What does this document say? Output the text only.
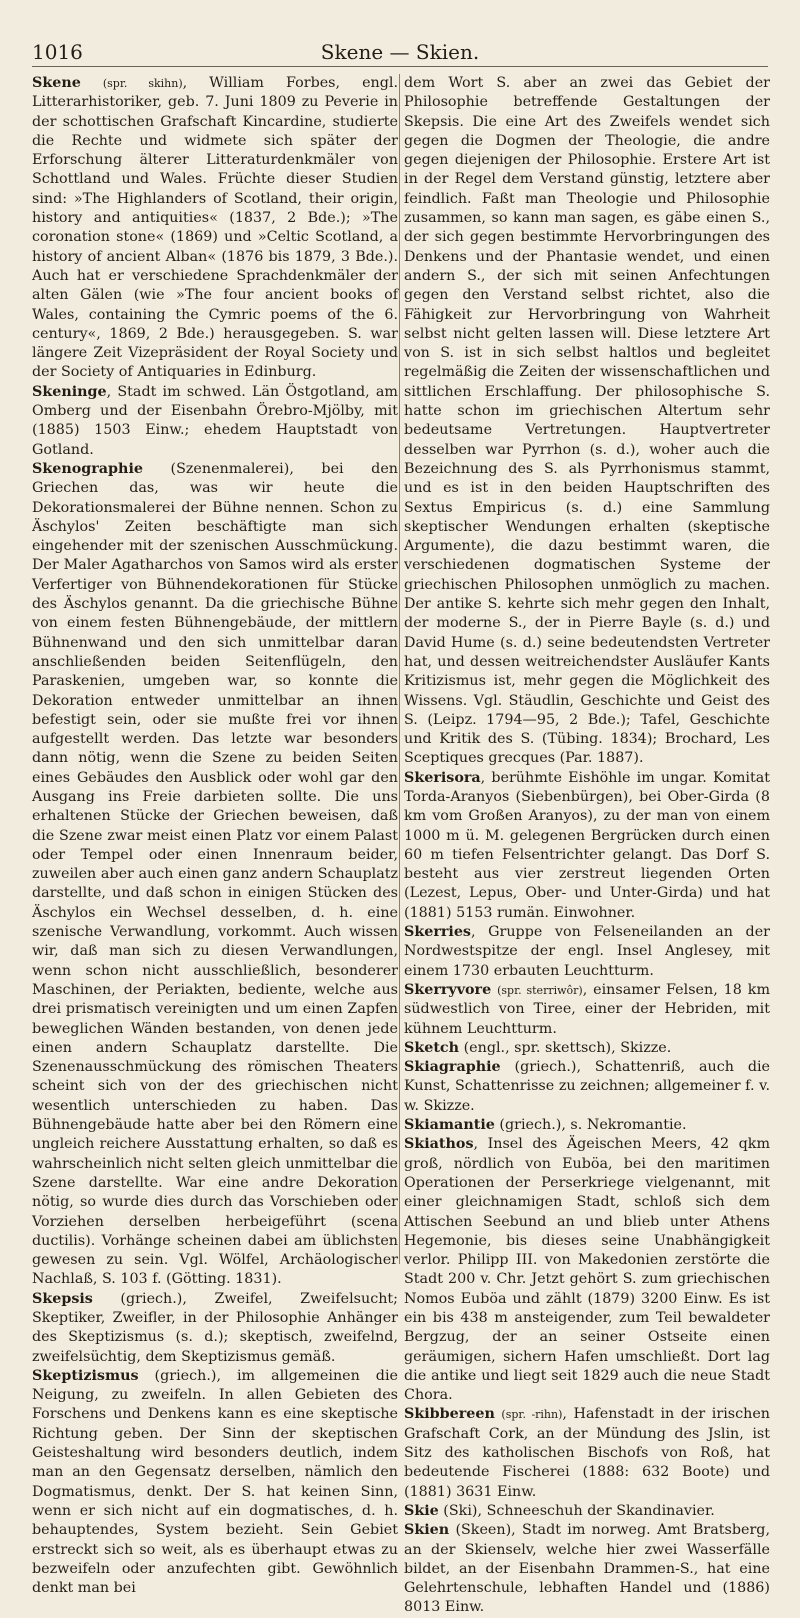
1016	Skene — Skien.

Skene (spr. skihn), William Forbes, engl. Litterarhistoriker, geb. 7. Juni 1809 zu Peverie in der schottischen Grafschaft Kincardine, studierte die Rechte und widmete sich später der Erforschung älterer Litteraturdenkmäler von Schottland und Wales. Früchte dieser Studien sind: »The Highlanders of Scotland, their origin, history and antiquities« (1837, 2 Bde.); »The coronation stone« (1869) und »Celtic Scotland, a history of ancient Alban« (1876 bis 1879, 3 Bde.). Auch hat er verschiedene Sprachdenkmäler der alten Gälen (wie »The four ancient books of Wales, containing the Cymric poems of the 6. century«, 1869, 2 Bde.) herausgegeben. S. war längere Zeit Vizepräsident der Royal Society und der Society of Antiquaries in Edinburg.

Skeninge, Stadt im schwed. Län Östgotland, am Omberg und der Eisenbahn Örebro-Mjölby, mit (1885) 1503 Einw.; ehedem Hauptstadt von Gotland.

Skenographie (Szenenmalerei), bei den Griechen das, was wir heute die Dekorationsmalerei der Bühne nennen. Schon zu Äschylos' Zeiten beschäftigte man sich eingehender mit der szenischen Ausschmückung. Der Maler Agatharchos von Samos wird als erster Verfertiger von Bühnendekorationen für Stücke des Äschylos genannt. Da die griechische Bühne von einem festen Bühnengebäude, der mittlern Bühnenwand und den sich unmittelbar daran anschließenden beiden Seitenflügeln, den Paraskenien, umgeben war, so konnte die Dekoration entweder unmittelbar an ihnen befestigt sein, oder sie mußte frei vor ihnen aufgestellt werden. Das letzte war besonders dann nötig, wenn die Szene zu beiden Seiten eines Gebäudes den Ausblick oder wohl gar den Ausgang ins Freie darbieten sollte. Die uns erhaltenen Stücke der Griechen beweisen, daß die Szene zwar meist einen Platz vor einem Palast oder Tempel oder einen Innenraum beider, zuweilen aber auch einen ganz andern Schauplatz darstellte, und daß schon in einigen Stücken des Äschylos ein Wechsel desselben, d. h. eine szenische Verwandlung, vorkommt. Auch wissen wir, daß man sich zu diesen Verwandlungen, wenn schon nicht ausschließlich, besonderer Maschinen, der Periakten, bediente, welche aus drei prismatisch vereinigten und um einen Zapfen beweglichen Wänden bestanden, von denen jede einen andern Schauplatz darstellte. Die Szenenausschmückung des römischen Theaters scheint sich von der des griechischen nicht wesentlich unterschieden zu haben. Das Bühnengebäude hatte aber bei den Römern eine ungleich reichere Ausstattung erhalten, so daß es wahrscheinlich nicht selten gleich unmittelbar die Szene darstellte. War eine andre Dekoration nötig, so wurde dies durch das Vorschieben oder Vorziehen derselben herbeigeführt (scena ductilis). Vorhänge scheinen dabei am üblichsten gewesen zu sein. Vgl. Wölfel, Archäologischer Nachlaß, S. 103 f. (Götting. 1831).

Skepsis (griech.), Zweifel, Zweifelsucht; Skeptiker, Zweifler, in der Philosophie Anhänger des Skeptizismus (s. d.); skeptisch, zweifelnd, zweifelsüchtig, dem Skeptizismus gemäß.

Skeptizismus (griech.), im allgemeinen die Neigung, zu zweifeln. In allen Gebieten des Forschens und Denkens kann es eine skeptische Richtung geben. Der Sinn der skeptischen Geisteshaltung wird besonders deutlich, indem man an den Gegensatz derselben, nämlich den Dogmatismus, denkt. Der S. hat keinen Sinn, wenn er sich nicht auf ein dogmatisches, d. h. behauptendes, System bezieht. Sein Gebiet erstreckt sich so weit, als es überhaupt etwas zu bezweifeln oder anzufechten gibt. Gewöhnlich denkt man bei

dem Wort S. aber an zwei das Gebiet der Philosophie betreffende Gestaltungen der Skepsis. Die eine Art des Zweifels wendet sich gegen die Dogmen der Theologie, die andre gegen diejenigen der Philosophie. Erstere Art ist in der Regel dem Verstand günstig, letztere aber feindlich. Faßt man Theologie und Philosophie zusammen, so kann man sagen, es gäbe einen S., der sich gegen bestimmte Hervorbringungen des Denkens und der Phantasie wendet, und einen andern S., der sich mit seinen Anfechtungen gegen den Verstand selbst richtet, also die Fähigkeit zur Hervorbringung von Wahrheit selbst nicht gelten lassen will. Diese letztere Art von S. ist in sich selbst haltlos und begleitet regelmäßig die Zeiten der wissenschaftlichen und sittlichen Erschlaffung. Der philosophische S. hatte schon im griechischen Altertum sehr bedeutsame Vertretungen. Hauptvertreter desselben war Pyrrhon (s. d.), woher auch die Bezeichnung des S. als Pyrrhonismus stammt, und es ist in den beiden Hauptschriften des Sextus Empiricus (s. d.) eine Sammlung skeptischer Wendungen erhalten (skeptische Argumente), die dazu bestimmt waren, die verschiedenen dogmatischen Systeme der griechischen Philosophen unmöglich zu machen. Der antike S. kehrte sich mehr gegen den Inhalt, der moderne S., der in Pierre Bayle (s. d.) und David Hume (s. d.) seine bedeutendsten Vertreter hat, und dessen weitreichendster Ausläufer Kants Kritizismus ist, mehr gegen die Möglichkeit des Wissens. Vgl. Stäudlin, Geschichte und Geist des S. (Leipz. 1794—95, 2 Bde.); Tafel, Geschichte und Kritik des S. (Tübing. 1834); Brochard, Les Sceptiques grecques (Par. 1887).

Skerisora, berühmte Eishöhle im ungar. Komitat Torda-Aranyos (Siebenbürgen), bei Ober-Girda (8 km vom Großen Aranyos), zu der man von einem 1000 m ü. M. gelegenen Bergrücken durch einen 60 m tiefen Felsentrichter gelangt. Das Dorf S. besteht aus vier zerstreut liegenden Orten (Lezest, Lepus, Ober- und Unter-Girda) und hat (1881) 5153 rumän. Einwohner.

Skerries, Gruppe von Felseneilanden an der Nordwestspitze der engl. Insel Anglesey, mit einem 1730 erbauten Leuchtturm.

Skerryvore (spr. sterriwôr), einsamer Felsen, 18 km südwestlich von Tiree, einer der Hebriden, mit kühnem Leuchtturm.

Sketch (engl., spr. skettsch), Skizze.

Skiagraphie (griech.), Schattenriß, auch die Kunst, Schattenrisse zu zeichnen; allgemeiner f. v. w. Skizze.

Skiamantie (griech.), s. Nekromantie.

Skiathos, Insel des Ägeischen Meers, 42 qkm groß, nördlich von Euböa, bei den maritimen Operationen der Perserkriege vielgenannt, mit einer gleichnamigen Stadt, schloß sich dem Attischen Seebund an und blieb unter Athens Hegemonie, bis dieses seine Unabhängigkeit verlor. Philipp III. von Makedonien zerstörte die Stadt 200 v. Chr. Jetzt gehört S. zum griechischen Nomos Euböa und zählt (1879) 3200 Einw. Es ist ein bis 438 m ansteigender, zum Teil bewaldeter Bergzug, der an seiner Ostseite einen geräumigen, sichern Hafen umschließt. Dort lag die antike und liegt seit 1829 auch die neue Stadt Chora.

Skibbereen (spr. -rihn), Hafenstadt in der irischen Grafschaft Cork, an der Mündung des Jslin, ist Sitz des katholischen Bischofs von Roß, hat bedeutende Fischerei (1888: 632 Boote) und (1881) 3631 Einw.

Skie (Ski), Schneeschuh der Skandinavier.

Skien (Skeen), Stadt im norweg. Amt Bratsberg, an der Skienselv, welche hier zwei Wasserfälle bildet, an der Eisenbahn Drammen-S., hat eine Gelehrtenschule, lebhaften Handel und (1886) 8013 Einw.
